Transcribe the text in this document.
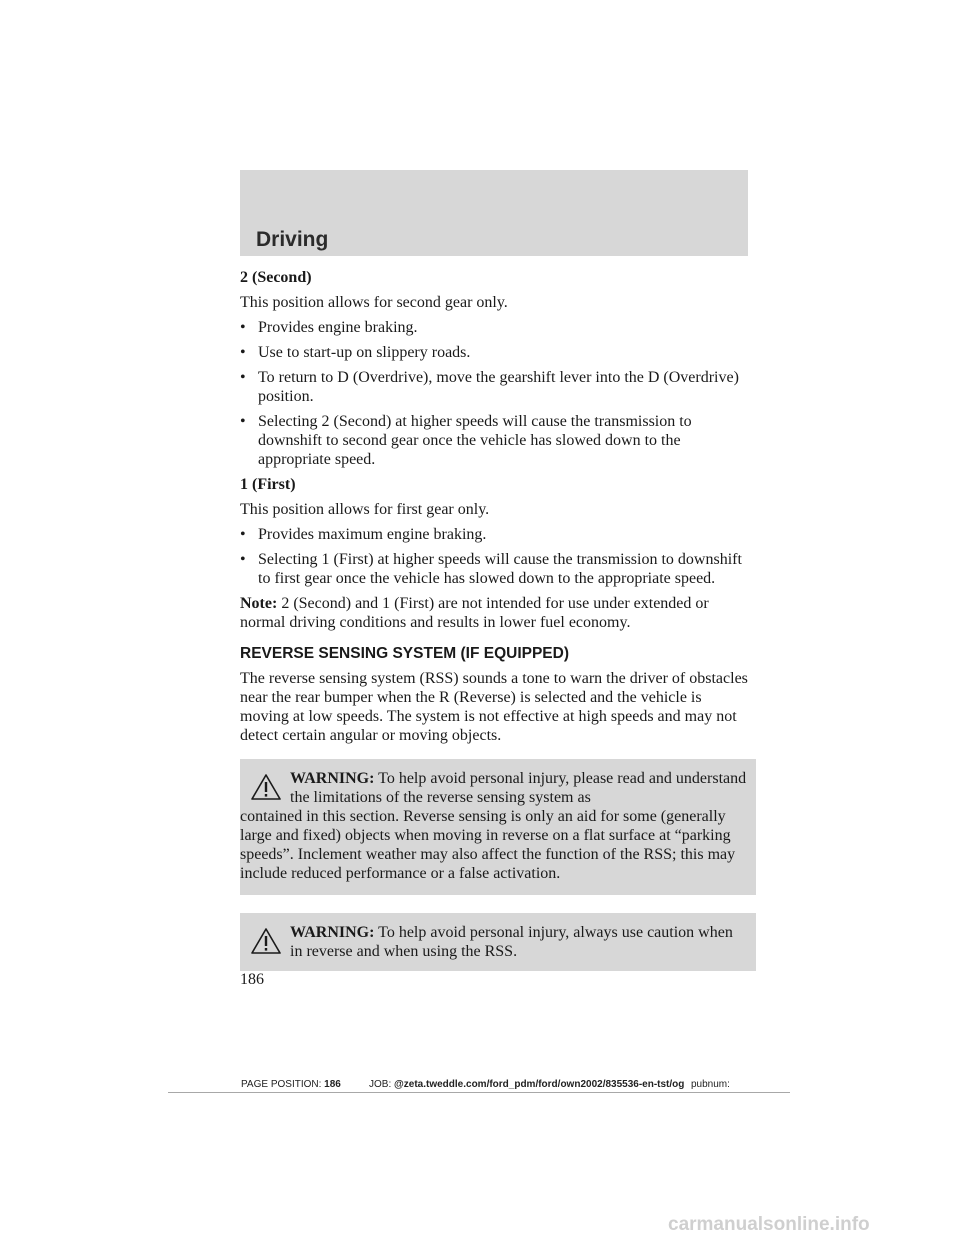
Driving

2 (Second)

This position allows for second gear only.

• Provides engine braking.
• Use to start-up on slippery roads.
• To return to D (Overdrive), move the gearshift lever into the D (Overdrive) position.
• Selecting 2 (Second) at higher speeds will cause the transmission to downshift to second gear once the vehicle has slowed down to the appropriate speed.

1 (First)

This position allows for first gear only.

• Provides maximum engine braking.
• Selecting 1 (First) at higher speeds will cause the transmission to downshift to first gear once the vehicle has slowed down to the appropriate speed.

Note: 2 (Second) and 1 (First) are not intended for use under extended or normal driving conditions and results in lower fuel economy.

REVERSE SENSING SYSTEM (IF EQUIPPED)

The reverse sensing system (RSS) sounds a tone to warn the driver of obstacles near the rear bumper when the R (Reverse) is selected and the vehicle is moving at low speeds. The system is not effective at high speeds and may not detect certain angular or moving objects.

WARNING: To help avoid personal injury, please read and understand the limitations of the reverse sensing system as
contained in this section. Reverse sensing is only an aid for some (generally large and fixed) objects when moving in reverse on a flat surface at “parking speeds”. Inclement weather may also affect the function of the RSS; this may include reduced performance or a false activation.
WARNING: To help avoid personal injury, always use caution when in reverse and when using the RSS.
186
PAGE POSITION: 186	JOB: @zeta.tweddle.com/ford_pdm/ford/own2002/835536-en-tst/og pubnum:
carmanualsonline.info
